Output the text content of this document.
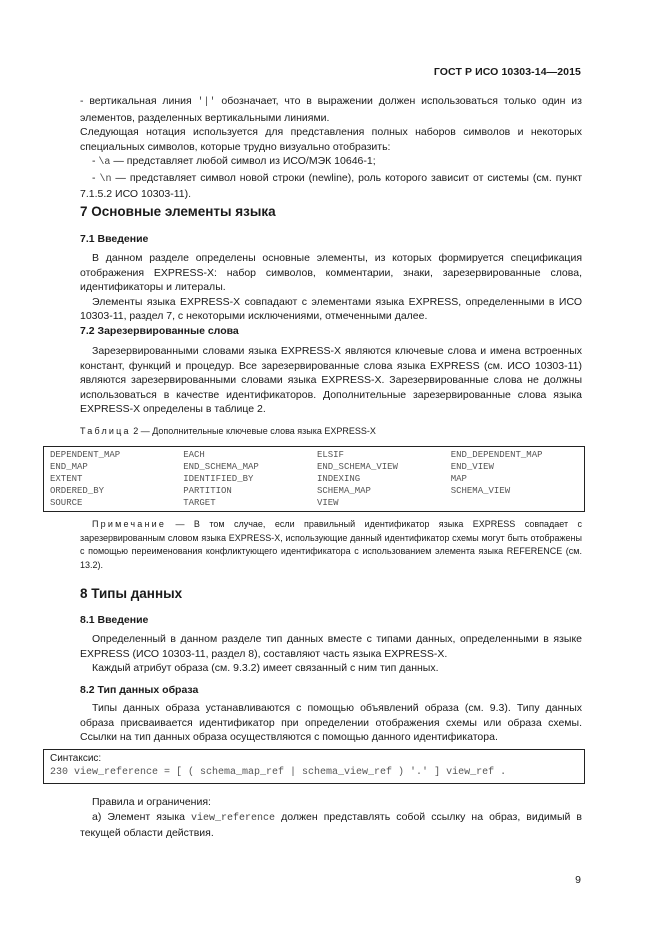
ГОСТ Р ИСО 10303-14—2015

- вертикальная линия '|' обозначает, что в выражении должен использоваться только один из элементов, разделенных вертикальными линиями.

Следующая нотация используется для представления полных наборов символов и некоторых специальных символов, которые трудно визуально отобразить:

- \a — представляет любой символ из ИСО/МЭК 10646-1;

- \n — представляет символ новой строки (newline), роль которого зависит от системы (см. пункт 7.1.5.2 ИСО 10303-11).

7 Основные элементы языка
7.1 Введение

В данном разделе определены основные элементы, из которых формируется спецификация отображения EXPRESS-X: набор символов, комментарии, знаки, зарезервированные слова, идентификаторы и литералы.

Элементы языка EXPRESS-X совпадают с элементами языка EXPRESS, определенными в ИСО 10303-11, раздел 7, с некоторыми исключениями, отмеченными далее.

7.2 Зарезервированные слова

Зарезервированными словами языка EXPRESS-X являются ключевые слова и имена встроенных констант, функций и процедур. Все зарезервированные слова языка EXPRESS (см. ИСО 10303-11) являются зарезервированными словами языка EXPRESS-X. Зарезервированные слова не должны использоваться в качестве идентификаторов. Дополнительные зарезервированные слова языка EXPRESS-X определены в таблице 2.

Таблица 2 — Дополнительные ключевые слова языка EXPRESS-X
DEPENDENT_MAP	EACH	ELSIF	END_DEPENDENT_MAP
END_MAP	END_SCHEMA_MAP	END_SCHEMA_VIEW	END_VIEW
EXTENT	IDENTIFIED_BY	INDEXING	MAP
ORDERED_BY	PARTITION	SCHEMA_MAP	SCHEMA_VIEW
SOURCE	TARGET	VIEW	

Примечание — В том случае, если правильный идентификатор языка EXPRESS совпадает с зарезервированным словом языка EXPRESS-X, использующие данный идентификатор схемы могут быть отображены с помощью переименования конфликтующего идентификатора с использованием элемента языка REFERENCE (см. 13.2).

8 Типы данных
8.1 Введение

Определенный в данном разделе тип данных вместе с типами данных, определенными в языке EXPRESS (ИСО 10303-11, раздел 8), составляют часть языка EXPRESS-X.

Каждый атрибут образа (см. 9.3.2) имеет связанный с ним тип данных.

8.2 Тип данных образа

Типы данных образа устанавливаются с помощью объявлений образа (см. 9.3). Типу данных образа присваивается идентификатор при определении отображения схемы или образа схемы. Ссылки на тип данных образа осуществляются с помощью данного идентификатора.

Синтаксис:
230 view_reference = [ ( schema_map_ref | schema_view_ref ) '.' ] view_ref .

Правила и ограничения:

а) Элемент языка view_reference должен представлять собой ссылку на образ, видимый в текущей области действия.

9
